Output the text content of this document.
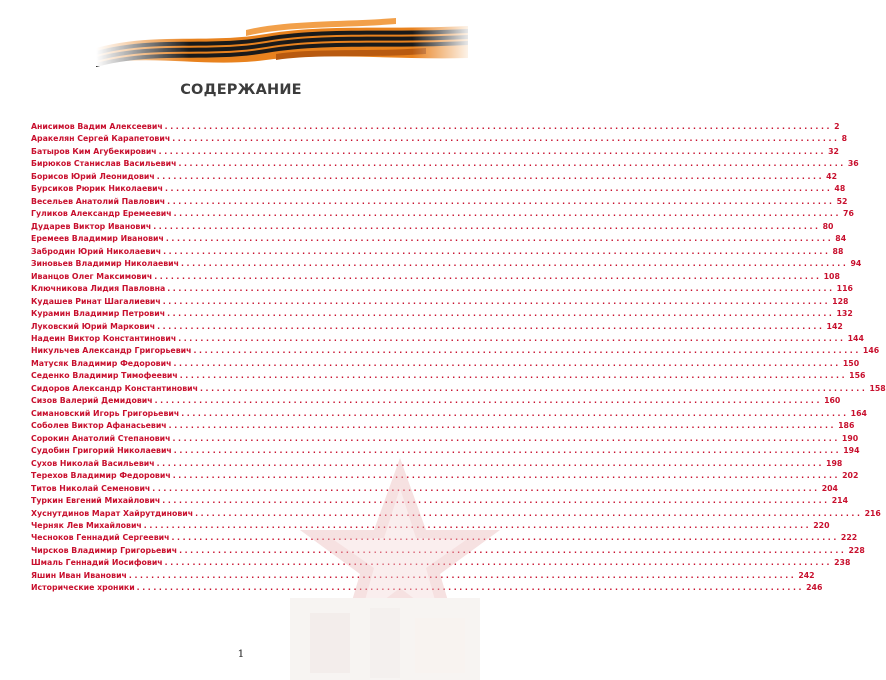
СОДЕРЖАНИЕ
Анисимов Вадим Алексеевич ........................................................................................................................ 2
Аракелян Сергей Карапетович ........................................................................................................................ 8
Батыров Ким Агубекирович ........................................................................................................................ 32
Бирюков Станислав Васильевич ........................................................................................................................ 36
Борисов Юрий Леонидович ........................................................................................................................ 42
Бурсиков Рюрик Николаевич ........................................................................................................................ 48
Весельев Анатолий Павлович ........................................................................................................................ 52
Гуликов Александр Еремеевич ........................................................................................................................ 76
Дударев Виктор Иванович ........................................................................................................................ 80
Еремеев Владимир Иванович ........................................................................................................................ 84
Забродин Юрий Николаевич ........................................................................................................................ 88
Зиновьев Владимир Николаевич ........................................................................................................................ 94
Иванцов Олег Максимович ........................................................................................................................ 108
Ключникова Лидия Павловна ........................................................................................................................ 116
Кудашев Ринат Шагалиевич ........................................................................................................................ 128
Курамин Владимир Петрович ........................................................................................................................ 132
Луковский Юрий Маркович ........................................................................................................................ 142
Надеин Виктор Константинович ........................................................................................................................ 144
Никульчев Александр Григорьевич ........................................................................................................................ 146
Матусяк Владимир Федорович ........................................................................................................................ 150
Седенко Владимир Тимофеевич ........................................................................................................................ 156
Сидоров Александр Константинович ........................................................................................................................ 158
Сизов Валерий Демидович ........................................................................................................................ 160
Симановский Игорь Григорьевич ........................................................................................................................ 164
Соболев Виктор Афанасьевич ........................................................................................................................ 186
Сорокин Анатолий Степанович ........................................................................................................................ 190
Судобин Григорий Николаевич ........................................................................................................................ 194
Сухов Николай Васильевич ........................................................................................................................ 198
Терехов Владимир Федорович ........................................................................................................................ 202
Титов Николай Семенович ........................................................................................................................ 204
Туркин Евгений Михайлович ........................................................................................................................ 214
Хуснутдинов Марат Хайрутдинович ........................................................................................................................ 216
Черняк Лев Михайлович ........................................................................................................................ 220
Чесноков Геннадий Сергеевич ........................................................................................................................ 222
Чирсков Владимир Григорьевич ........................................................................................................................ 228
Шмаль Геннадий Иосифович ........................................................................................................................ 238
Яшин Иван Иванович ........................................................................................................................ 242
Исторические хроники ........................................................................................................................ 246
1
